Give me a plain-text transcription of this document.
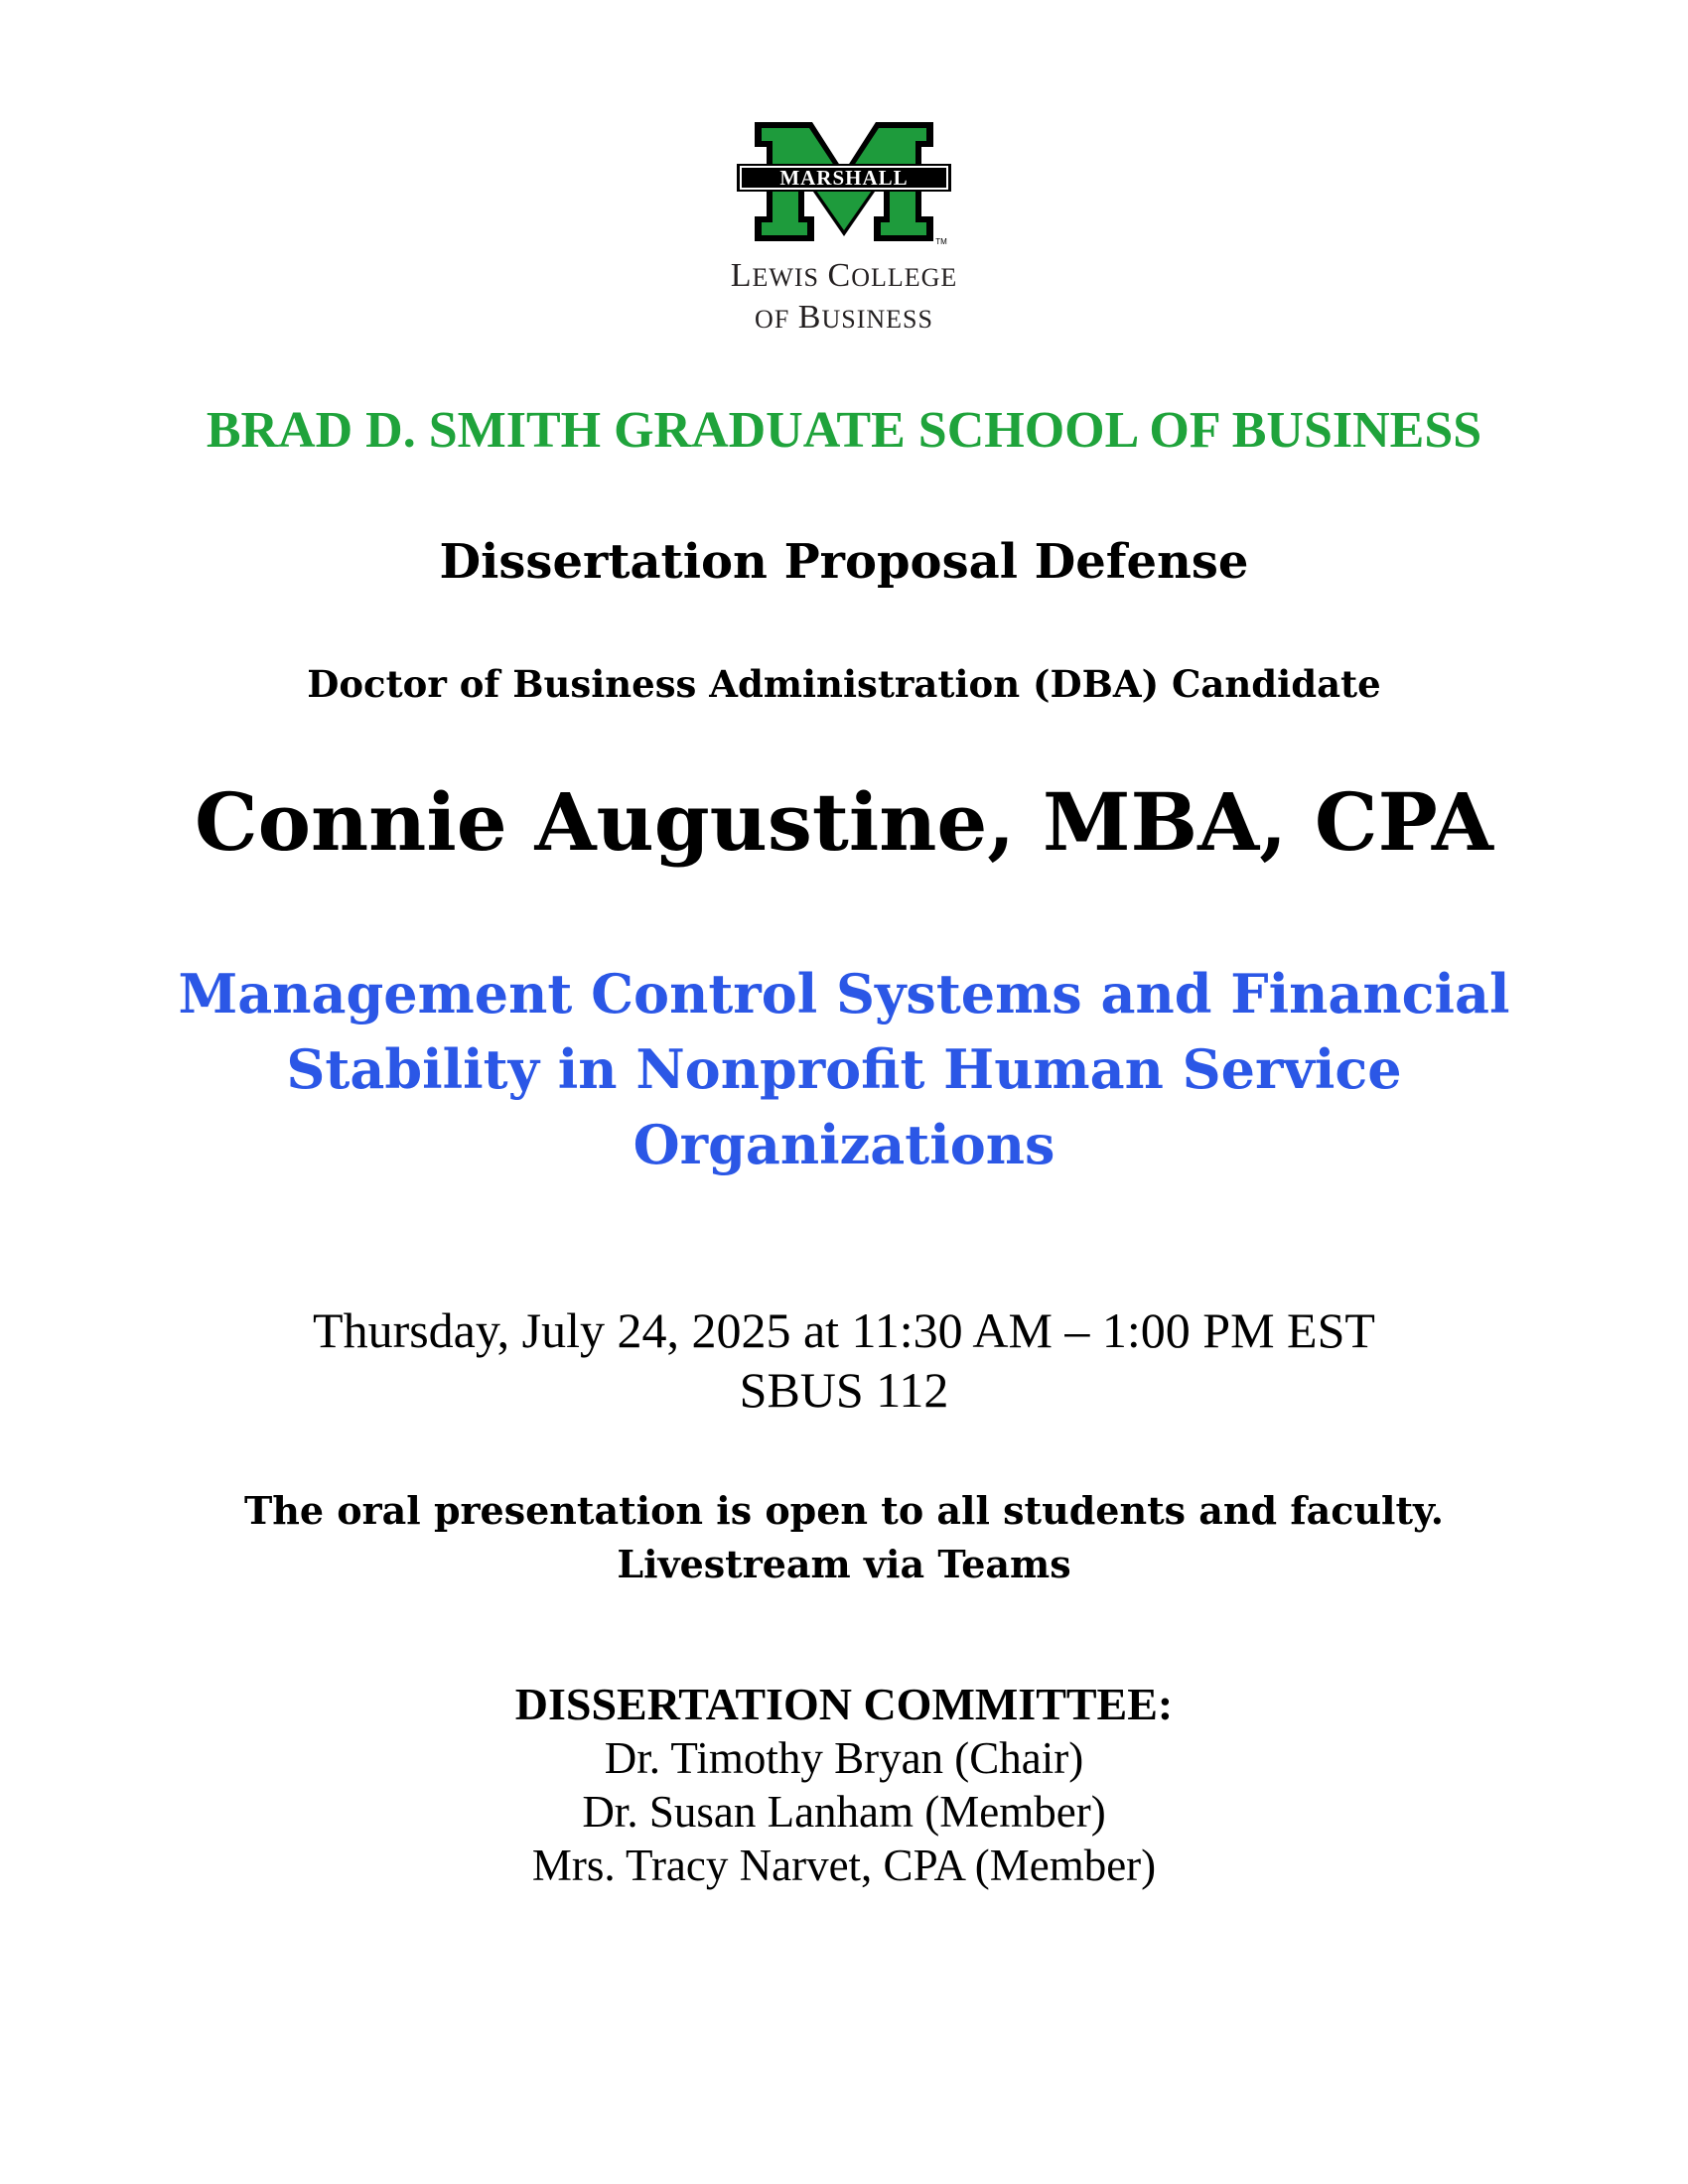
MARSHALL
TM
LEWIS COLLEGE
OF BUSINESS

BRAD D. SMITH GRADUATE SCHOOL OF BUSINESS

Dissertation Proposal Defense

Doctor of Business Administration (DBA) Candidate

Connie Augustine, MBA, CPA

Management Control Systems and Financial
Stability in Nonprofit Human Service
Organizations
Thursday, July 24, 2025 at 11:30 AM – 1:00 PM EST
SBUS 112
The oral presentation is open to all students and faculty.
Livestream via Teams
DISSERTATION COMMITTEE:
Dr. Timothy Bryan (Chair)
Dr. Susan Lanham (Member)
Mrs. Tracy Narvet, CPA (Member)
